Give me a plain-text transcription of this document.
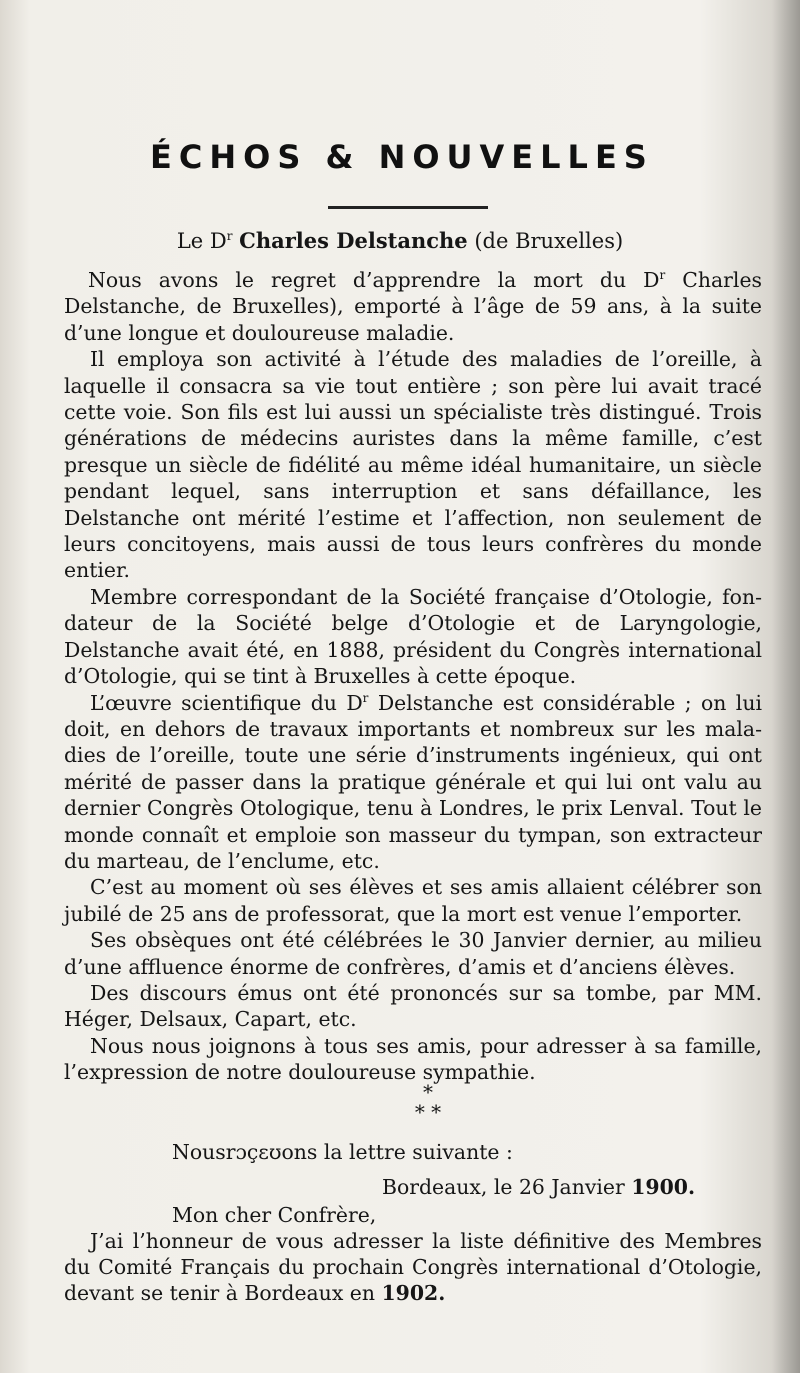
ÉCHOS & NOUVELLES
Le $D^r$ Charles Delstanche (de Bruxelles)

Nous avons le regret d’apprendre la mort du $D^r$ Charles Delstanche, de Bruxelles), emporté à l’âge de 59 ans, à la suite d’une longue et douloureuse maladie.

Il employa son activité à l’étude des maladies de l’oreille, à laquelle il consacra sa vie tout entière ; son père lui avait tracé cette voie. Son fils est lui aussi un spécialiste très distingué. Trois générations de médecins auristes dans la même famille, c’est presque un siècle de fidélité au même idéal humanitaire, un siècle pendant lequel, sans interruption et sans défaillance, les Delstanche ont mérité l’estime et l’affection, non seulement de leurs concitoyens, mais aussi de tous leurs confrères du monde entier.

Membre correspondant de la Société française d’Otologie, fondateur de la Société belge d’Otologie et de Laryngologie, Delstanche avait été, en 1888, président du Congrès international d’Otologie, qui se tint à Bruxelles à cette époque.

L’œuvre scientifique du $D^r$ Delstanche est considérable ; on lui doit, en dehors de travaux importants et nombreux sur les maladies de l’oreille, toute une série d’instruments ingénieux, qui ont mérité de passer dans la pratique générale et qui lui ont valu au dernier Congrès Otologique, tenu à Londres, le prix Lenval. Tout le monde connaît et emploie son masseur du tympan, son extracteur du marteau, de l’enclume, etc.

C’est au moment où ses élèves et ses amis allaient célébrer son jubilé de 25 ans de professorat, que la mort est venue l’emporter.

Ses obsèques ont été célébrées le 30 Janvier dernier, au milieu d’une affluence énorme de confrères, d’amis et d’anciens élèves.

Des discours émus ont été prononcés sur sa tombe, par MM. Héger, Delsaux, Capart, etc.

Nous nous joignons à tous ses amis, pour adresser à sa famille, l’expression de notre douloureuse sympathie.

*
* *
Nousrɔçɛʊons la lettre suivante :
Bordeaux, le 26 Janvier 1900.
Mon cher Confrère,

J’ai l’honneur de vous adresser la liste définitive des Membres du Comité Français du prochain Congrès international d’Otologie, devant se tenir à Bordeaux en 1902.
